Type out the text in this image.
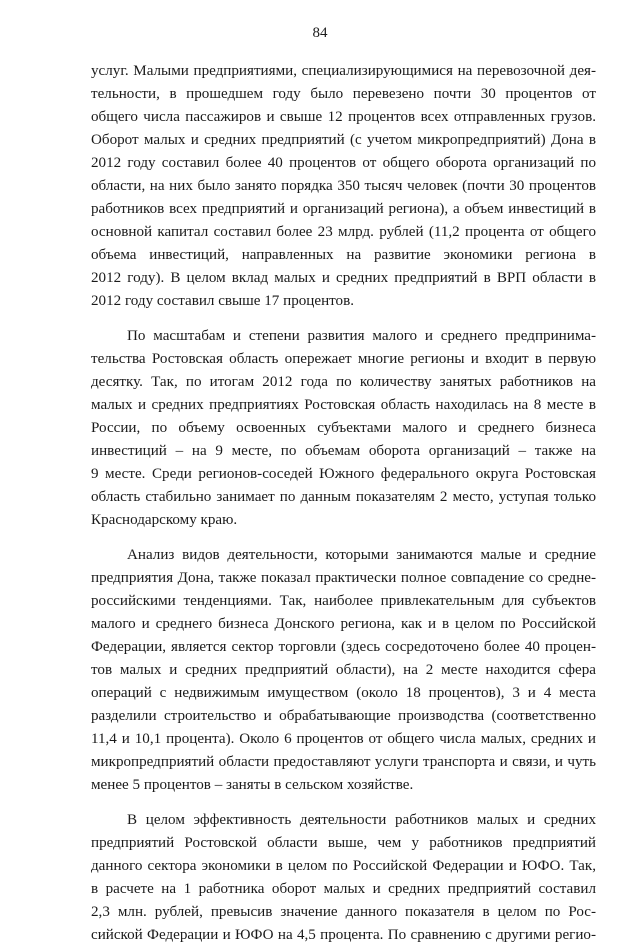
84
услуг. Малыми предприятиями, специализирующимися на перевозочной дея-
тельности, в прошедшем году было перевезено почти 30 процентов от
общего числа пассажиров и свыше 12 процентов всех отправленных грузов.
Оборот малых и средних предприятий (с учетом микропредприятий) Дона в
2012 году составил более 40 процентов от общего оборота организаций по
области, на них было занято порядка 350 тысяч человек (почти 30 процентов
работников всех предприятий и организаций региона), а объем инвестиций в
основной капитал составил более 23 млрд. рублей (11,2 процента от общего
объема инвестиций, направленных на развитие экономики региона в
2012 году). В целом вклад малых и средних предприятий в ВРП области в
2012 году составил свыше 17 процентов.
По масштабам и степени развития малого и среднего предпринима-
тельства Ростовская область опережает многие регионы и входит в первую
десятку. Так, по итогам 2012 года по количеству занятых работников на
малых и средних предприятиях Ростовская область находилась на 8 месте в
России, по объему освоенных субъектами малого и среднего бизнеса
инвестиций – на 9 месте, по объемам оборота организаций – также на
9 месте. Среди регионов-соседей Южного федерального округа Ростовская
область стабильно занимает по данным показателям 2 место, уступая только
Краснодарскому краю.
Анализ видов деятельности, которыми занимаются малые и средние
предприятия Дона, также показал практически полное совпадение со средне-
российскими тенденциями. Так, наиболее привлекательным для субъектов
малого и среднего бизнеса Донского региона, как и в целом по Российской
Федерации, является сектор торговли (здесь сосредоточено более 40 процен-
тов малых и средних предприятий области), на 2 месте находится сфера
операций с недвижимым имуществом (около 18 процентов), 3 и 4 места
разделили строительство и обрабатывающие производства (соответственно
11,4 и 10,1 процента). Около 6 процентов от общего числа малых, средних и
микропредприятий области предоставляют услуги транспорта и связи, и чуть
менее 5 процентов – заняты в сельском хозяйстве.
В целом эффективность деятельности работников малых и средних
предприятий Ростовской области выше, чем у работников предприятий
данного сектора экономики в целом по Российской Федерации и ЮФО. Так,
в расчете на 1 работника оборот малых и средних предприятий составил
2,3 млн. рублей, превысив значение данного показателя в целом по Рос-
сийской Федерации и ЮФО на 4,5 процента. По сравнению с другими регио-
